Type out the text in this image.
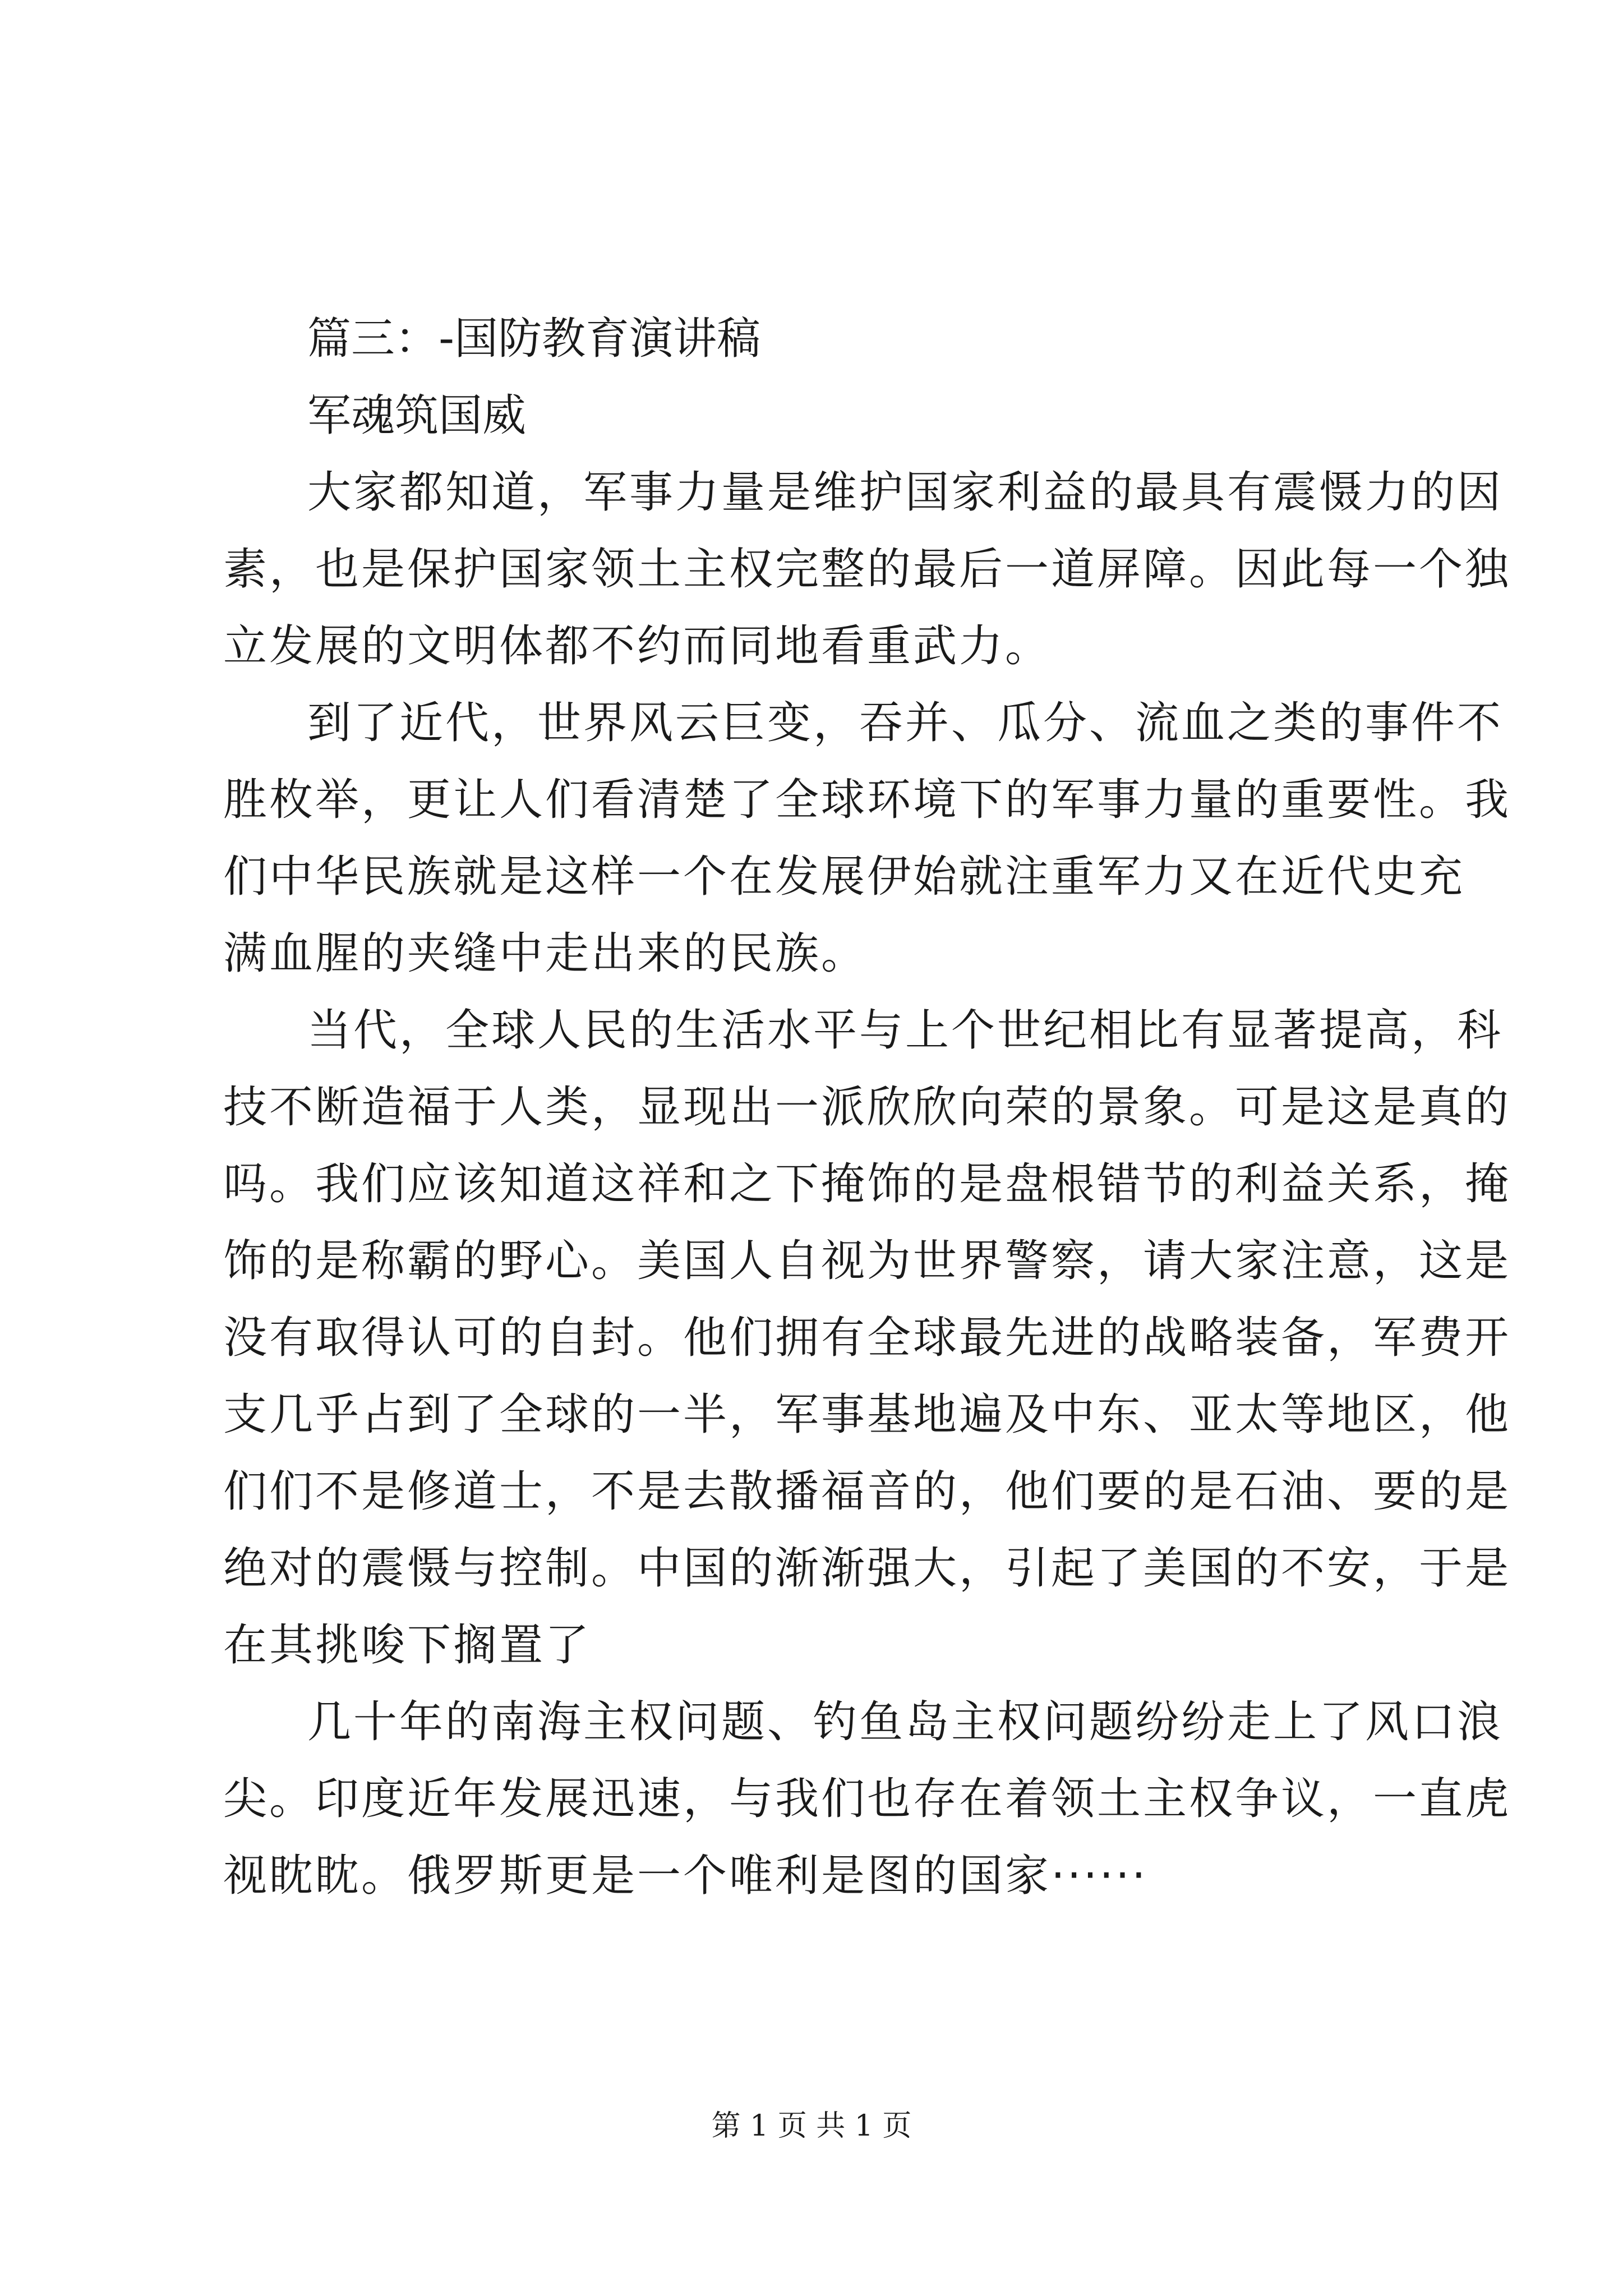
篇三：-国防教育演讲稿
军魂筑国威
大家都知道，军事力量是维护国家利益的最具有震慑力的因
素，也是保护国家领土主权完整的最后一道屏障。因此每一个独
立发展的文明体都不约而同地看重武力。
到了近代，世界风云巨变，吞并、瓜分、流血之类的事件不
胜枚举，更让人们看清楚了全球环境下的军事力量的重要性。我
们中华民族就是这样一个在发展伊始就注重军力又在近代史充
满血腥的夹缝中走出来的民族。
当代，全球人民的生活水平与上个世纪相比有显著提高，科
技不断造福于人类，显现出一派欣欣向荣的景象。可是这是真的
吗。我们应该知道这祥和之下掩饰的是盘根错节的利益关系，掩
饰的是称霸的野心。美国人自视为世界警察，请大家注意，这是
没有取得认可的自封。他们拥有全球最先进的战略装备，军费开
支几乎占到了全球的一半，军事基地遍及中东、亚太等地区，他
们们不是修道士，不是去散播福音的，他们要的是石油、要的是
绝对的震慑与控制。中国的渐渐强大，引起了美国的不安，于是
在其挑唆下搁置了
几十年的南海主权问题、钓鱼岛主权问题纷纷走上了风口浪
尖。印度近年发展迅速，与我们也存在着领土主权争议，一直虎
视眈眈。俄罗斯更是一个唯利是图的国家······
第 1 页 共 1 页
